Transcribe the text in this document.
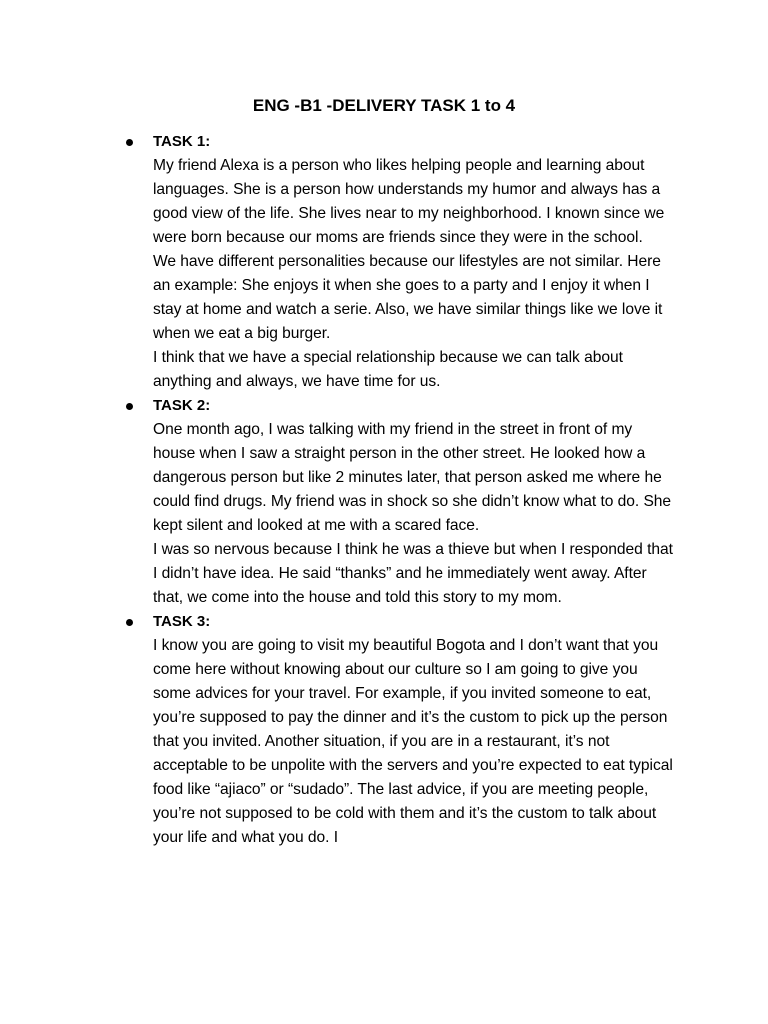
ENG -B1 -DELIVERY TASK 1 to 4

TASK 1:

My friend Alexa is a person who likes helping people and learning about languages. She is a person how understands my humor and always has a good view of the life. She lives near to my neighborhood. I known since we were born because our moms are friends since they were in the school.

We have different personalities because our lifestyles are not similar. Here an example: She enjoys it when she goes to a party and I enjoy it when I stay at home and watch a serie. Also, we have similar things like we love it when we eat a big burger.

I think that we have a special relationship because we can talk about anything and always, we have time for us.

TASK 2:

One month ago, I was talking with my friend in the street in front of my house when I saw a straight person in the other street. He looked how a dangerous person but like 2 minutes later, that person asked me where he could find drugs. My friend was in shock so she didn’t know what to do. She kept silent and looked at me with a scared face.

I was so nervous because I think he was a thieve but when I responded that I didn’t have idea. He said “thanks” and he immediately went away. After that, we come into the house and told this story to my mom.

TASK 3:

I know you are going to visit my beautiful Bogota and I don’t want that you come here without knowing about our culture so I am going to give you some advices for your travel. For example, if you invited someone to eat, you’re supposed to pay the dinner and it’s the custom to pick up the person that you invited. Another situation, if you are in a restaurant, it’s not acceptable to be unpolite with the servers and you’re expected to eat typical food like “ajiaco” or “sudado”. The last advice, if you are meeting people, you’re not supposed to be cold with them and it’s the custom to talk about your life and what you do. I
